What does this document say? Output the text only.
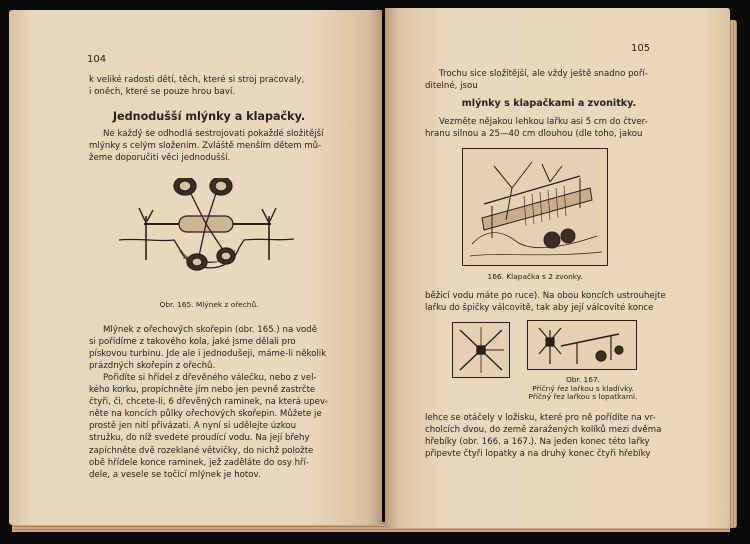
104
k veliké radosti dětí, těch, které si stroj pracovaly,
i oněch, které se pouze hrou baví.
Jednodušší mlýnky a klapačky.

Ne každý se odhodlá sestrojovati pokaždé složitější

mlýnky s celým složením. Zvláště menším dětem mů-
žeme doporučiti věci jednodušší.
Obr. 165. Mlýnek z ořechů.

Mlýnek z ořechových skořepin (obr. 165.) na vodě

si pořídíme z takového kola, jaké jsme dělali pro
pískovou turbinu. Jde ale i jednodušeji, máme-li několik
prázdných skořepin z ořechů.

Pořidíte si hřídel z dřevěného válečku, nebo z vel-

kého korku, propíchněte jím nebo jen pevně zastrčte
čtyři, či, chcete-li, 6 dřevěných raminek, na která upev-
něte na koncích půlky ořechových skořepin. Můžete je
prostě jen nití přivázati. A nyní si udělejte úzkou
stružku, do níž svedete proudící vodu. Na její břehy
zapíchněte dvě rozeklané větvičky, do nichž položte
obě hřídele konce raminek, jež zaděláte do osy hří-
dele, a vesele se točící mlýnek je hotov.
105

Trochu sice složitější, ale vždy ještě snadno poří-

ditelné, jsou
mlýnky s klapačkami a zvonitky.

Vezměte nějakou lehkou lařku asi 5 cm do čtver-

hranu silnou a 25—40 cm dlouhou (dle toho, jakou
166. Klapačka s 2 zvonky.
běžicí vodu máte po ruce). Na obou koncích ustrouhejte
lařku do špičky válcovitě, tak aby její válcovité konce
Obr. 167.
Příčný řez lařkou s kladívky.
Příčný řez lařkou s lopatkami.
lehce se otáčely v ložisku, které pro ně pořídíte na vr-
cholcích dvou, do země zaražených kolíků mezi dvěma
hřebíky (obr. 166. a 167.). Na jeden konec této lařky
připevte čtyři lopatky a na druhý konec čtyři hřebíky
